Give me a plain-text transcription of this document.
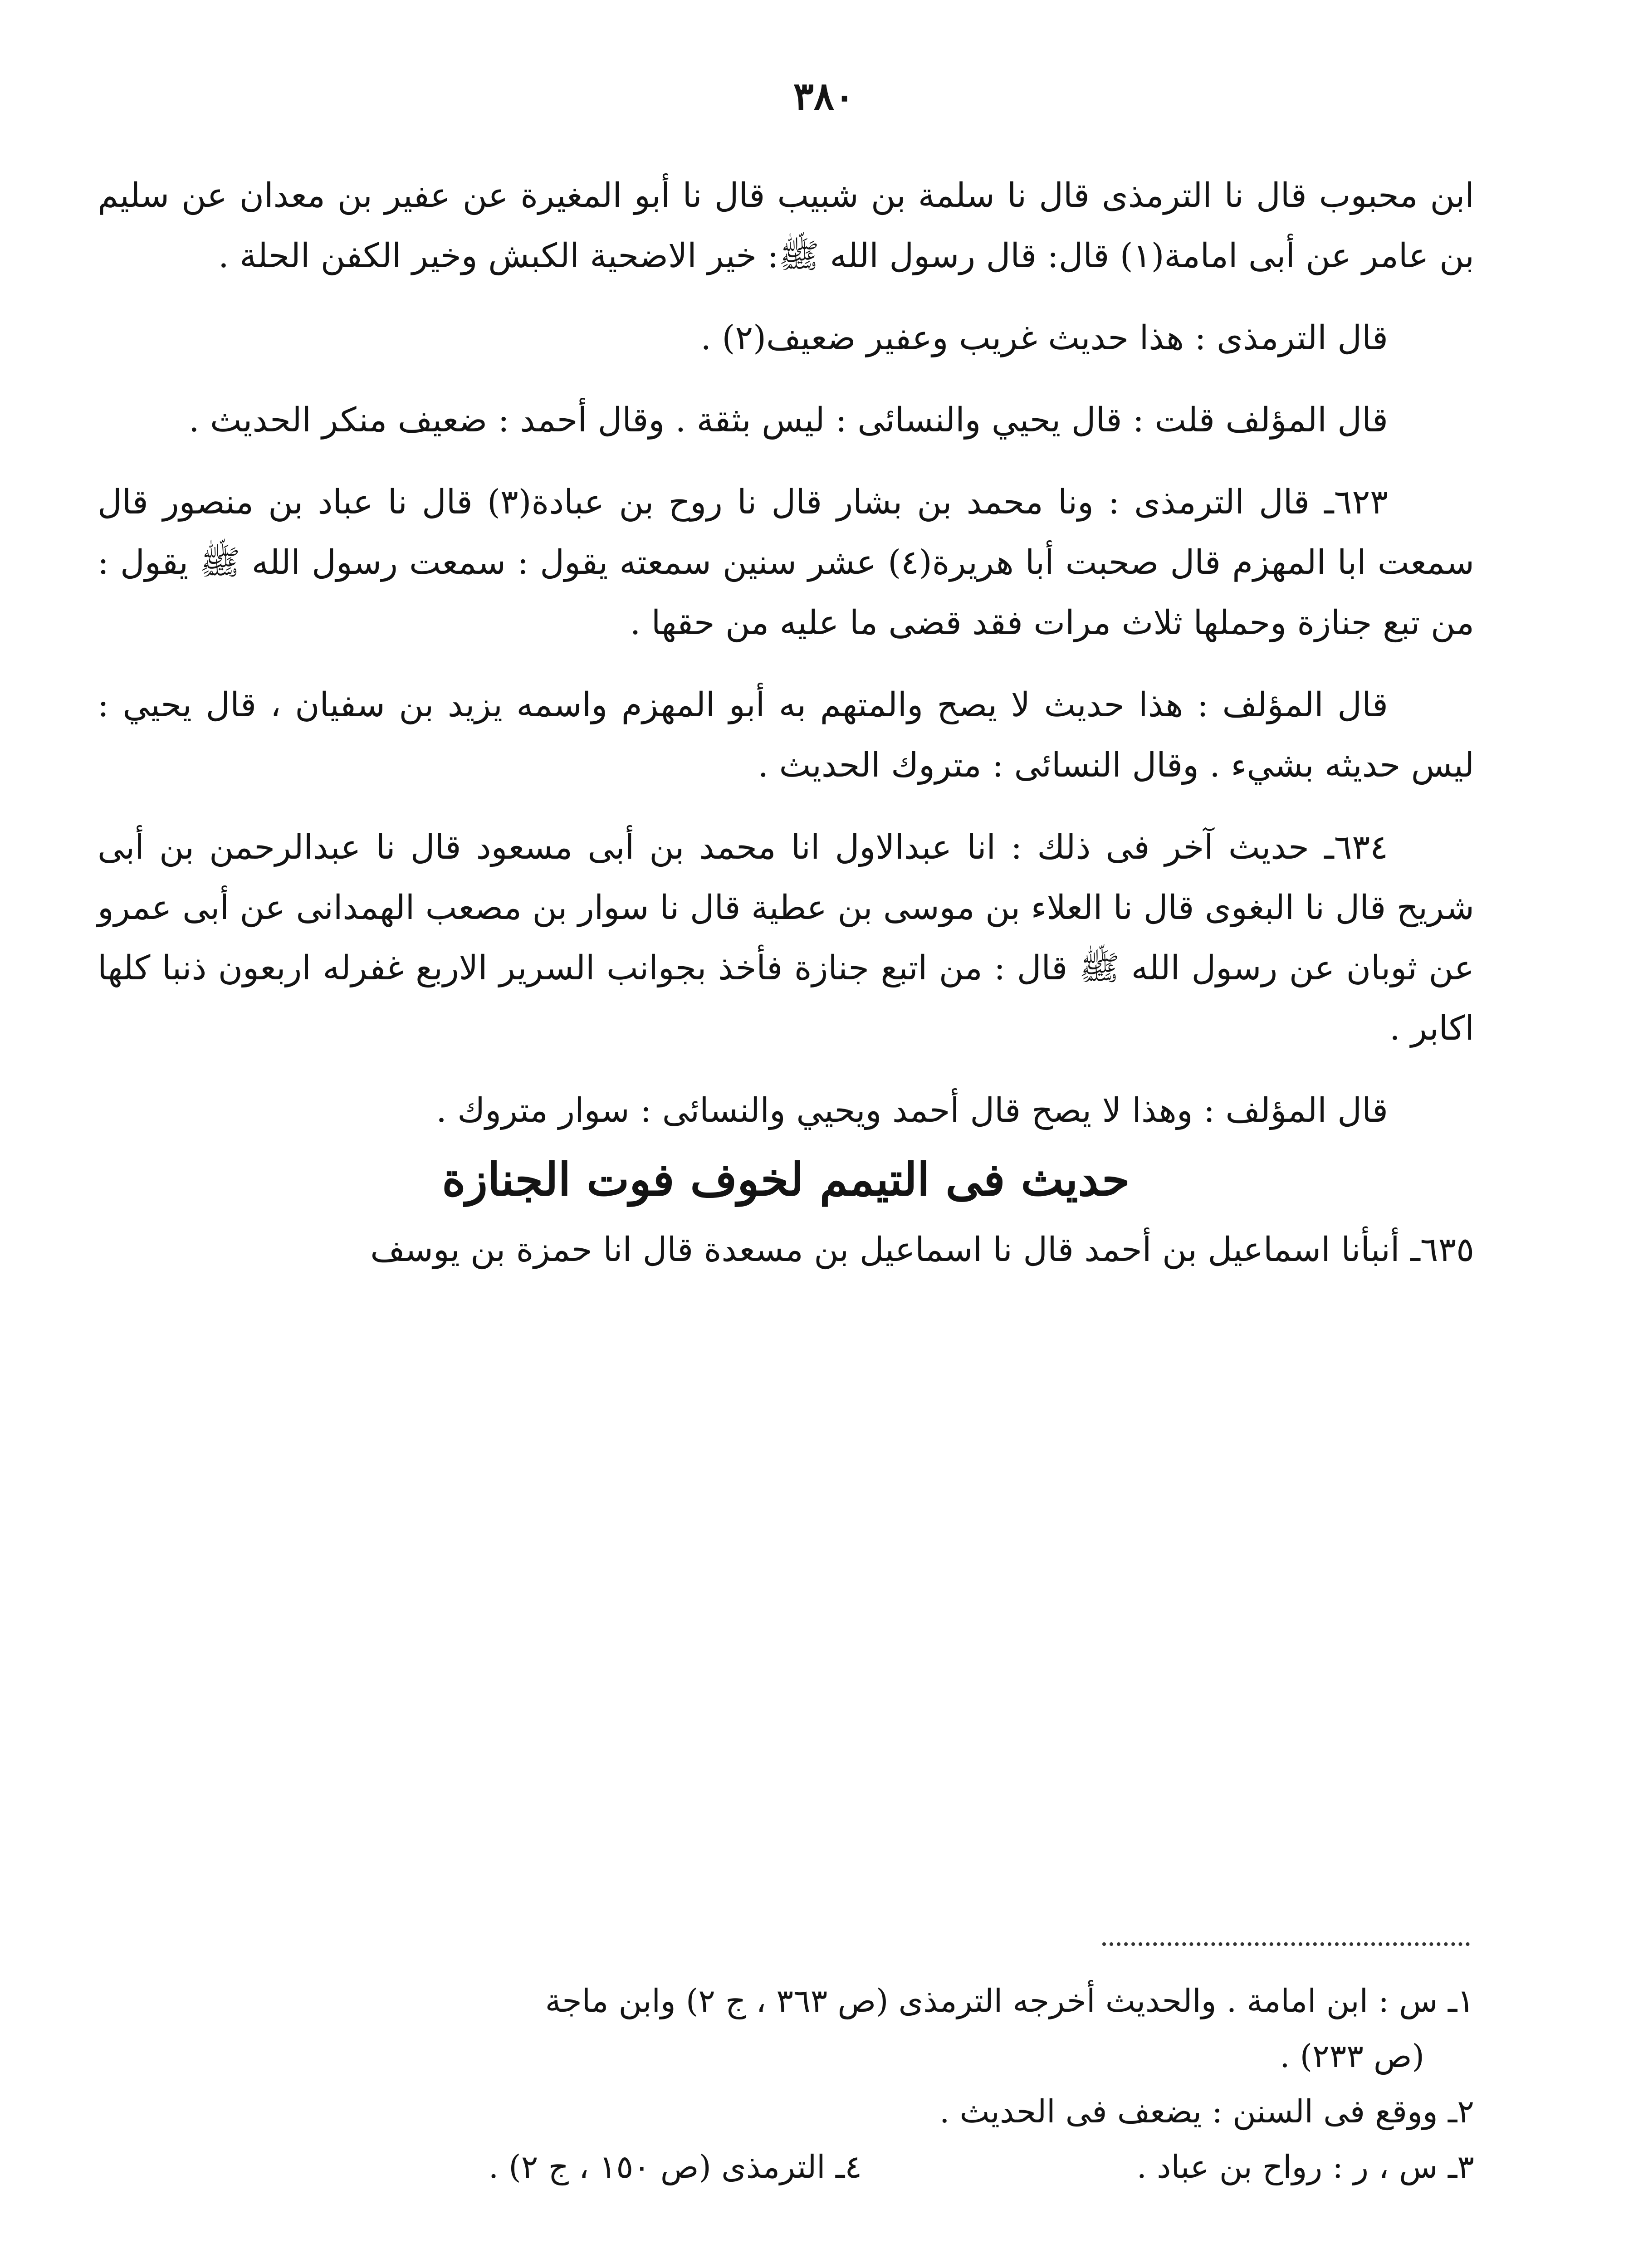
٣٨٠

ابن محبوب قال نا الترمذى قال نا سلمة بن شبيب قال نا أبو المغيرة عن عفير بن معدان عن سليم بن عامر عن أبى امامة(١) قال: قال رسول الله ﷺ: خير الاضحية الكبش وخير الكفن الحلة .

قال الترمذى : هذا حديث غريب وعفير ضعيف(٢) .

قال المؤلف قلت : قال يحيي والنسائى : ليس بثقة . وقال أحمد : ضعيف منكر الحديث .

٦٢٣ـ قال الترمذى : ونا محمد بن بشار قال نا روح بن عبادة(٣) قال نا عباد بن منصور قال سمعت ابا المهزم قال صحبت أبا هريرة(٤) عشر سنين سمعته يقول : سمعت رسول الله ﷺ يقول : من تبع جنازة وحملها ثلاث مرات فقد قضى ما عليه من حقها .

قال المؤلف : هذا حديث لا يصح والمتهم به أبو المهزم واسمه يزيد بن سفيان ، قال يحيي : ليس حديثه بشيء . وقال النسائى : متروك الحديث .

٦٣٤ـ حديث آخر فى ذلك : انا عبدالاول انا محمد بن أبى مسعود قال نا عبدالرحمن بن أبى شريح قال نا البغوى قال نا العلاء بن موسى بن عطية قال نا سوار بن مصعب الهمدانى عن أبى عمرو عن ثوبان عن رسول الله ﷺ قال : من اتبع جنازة فأخذ بجوانب السرير الاربع غفرله اربعون ذنبا كلها اكابر .

قال المؤلف : وهذا لا يصح قال أحمد ويحيي والنسائى : سوار متروك .

حديث فى التيمم لخوف فوت الجنازة

٦٣٥ـ أنبأنا اسماعيل بن أحمد قال نا اسماعيل بن مسعدة قال انا حمزة بن يوسف

١ـ س : ابن امامة . والحديث أخرجه الترمذى (ص ٣٦٣ ، ج ٢) وابن ماجة

(ص ٢٣٣) .

٢ـ ووقع فى السنن : يضعف فى الحديث .

٣ـ س ، ر : رواح بن عباد .
٤ـ الترمذى (ص ١٥٠ ، ج ٢) .
